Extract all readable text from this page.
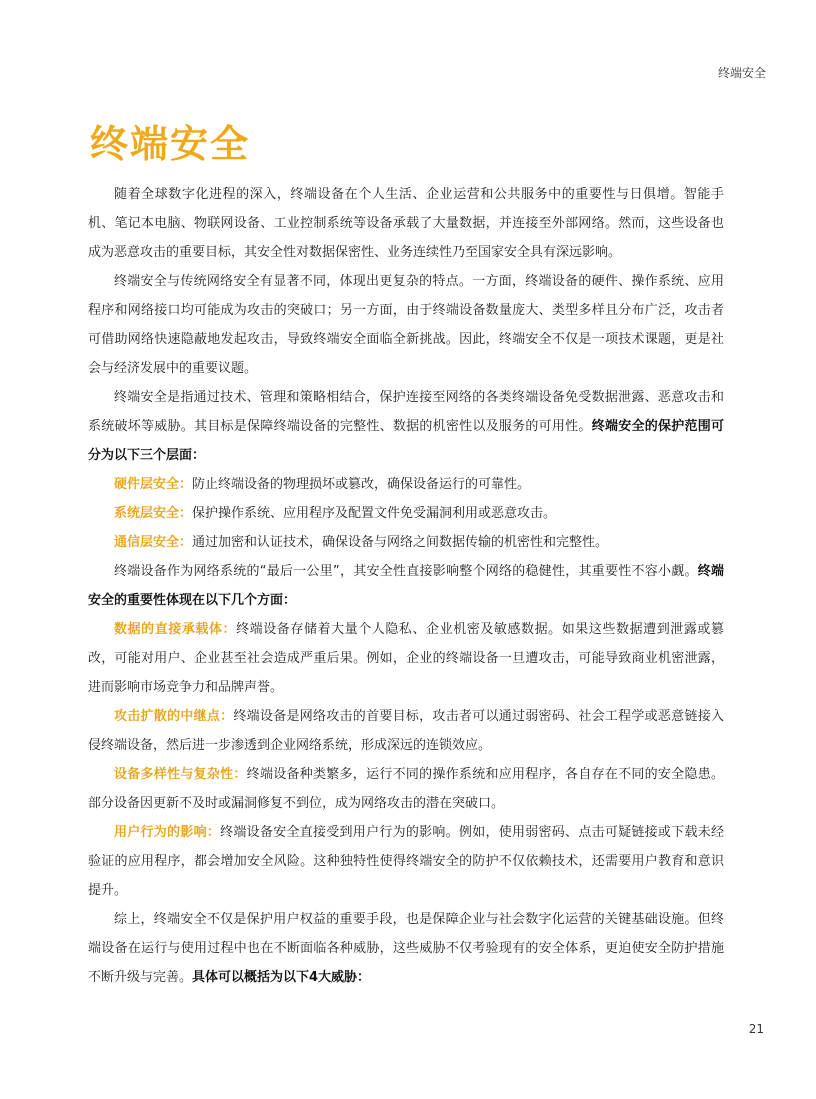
终端安全
终端安全

随着全球数字化进程的深入，终端设备在个人生活、企业运营和公共服务中的重要性与日俱增。智能手机、笔记本电脑、物联网设备、工业控制系统等设备承载了大量数据，并连接至外部网络。然而，这些设备也成为恶意攻击的重要目标，其安全性对数据保密性、业务连续性乃至国家安全具有深远影响。

终端安全与传统网络安全有显著不同，体现出更复杂的特点。一方面，终端设备的硬件、操作系统、应用程序和网络接口均可能成为攻击的突破口；另一方面，由于终端设备数量庞大、类型多样且分布广泛，攻击者可借助网络快速隐蔽地发起攻击，导致终端安全面临全新挑战。因此，终端安全不仅是一项技术课题，更是社会与经济发展中的重要议题。

终端安全是指通过技术、管理和策略相结合，保护连接至网络的各类终端设备免受数据泄露、恶意攻击和系统破坏等威胁。其目标是保障终端设备的完整性、数据的机密性以及服务的可用性。终端安全的保护范围可分为以下三个层面：

硬件层安全：防止终端设备的物理损坏或篡改，确保设备运行的可靠性。

系统层安全：保护操作系统、应用程序及配置文件免受漏洞利用或恶意攻击。

通信层安全：通过加密和认证技术，确保设备与网络之间数据传输的机密性和完整性。

终端设备作为网络系统的“最后一公里”，其安全性直接影响整个网络的稳健性，其重要性不容小觑。终端安全的重要性体现在以下几个方面：

数据的直接承载体：终端设备存储着大量个人隐私、企业机密及敏感数据。如果这些数据遭到泄露或篡改，可能对用户、企业甚至社会造成严重后果。例如，企业的终端设备一旦遭攻击，可能导致商业机密泄露，进而影响市场竞争力和品牌声誉。

攻击扩散的中继点：终端设备是网络攻击的首要目标，攻击者可以通过弱密码、社会工程学或恶意链接入侵终端设备，然后进一步渗透到企业网络系统，形成深远的连锁效应。

设备多样性与复杂性：终端设备种类繁多，运行不同的操作系统和应用程序，各自存在不同的安全隐患。部分设备因更新不及时或漏洞修复不到位，成为网络攻击的潜在突破口。

用户行为的影响：终端设备安全直接受到用户行为的影响。例如，使用弱密码、点击可疑链接或下载未经验证的应用程序，都会增加安全风险。这种独特性使得终端安全的防护不仅依赖技术，还需要用户教育和意识提升。

综上，终端安全不仅是保护用户权益的重要手段，也是保障企业与社会数字化运营的关键基础设施。但终端设备在运行与使用过程中也在不断面临各种威胁，这些威胁不仅考验现有的安全体系，更迫使安全防护措施不断升级与完善。具体可以概括为以下4大威胁：

21
